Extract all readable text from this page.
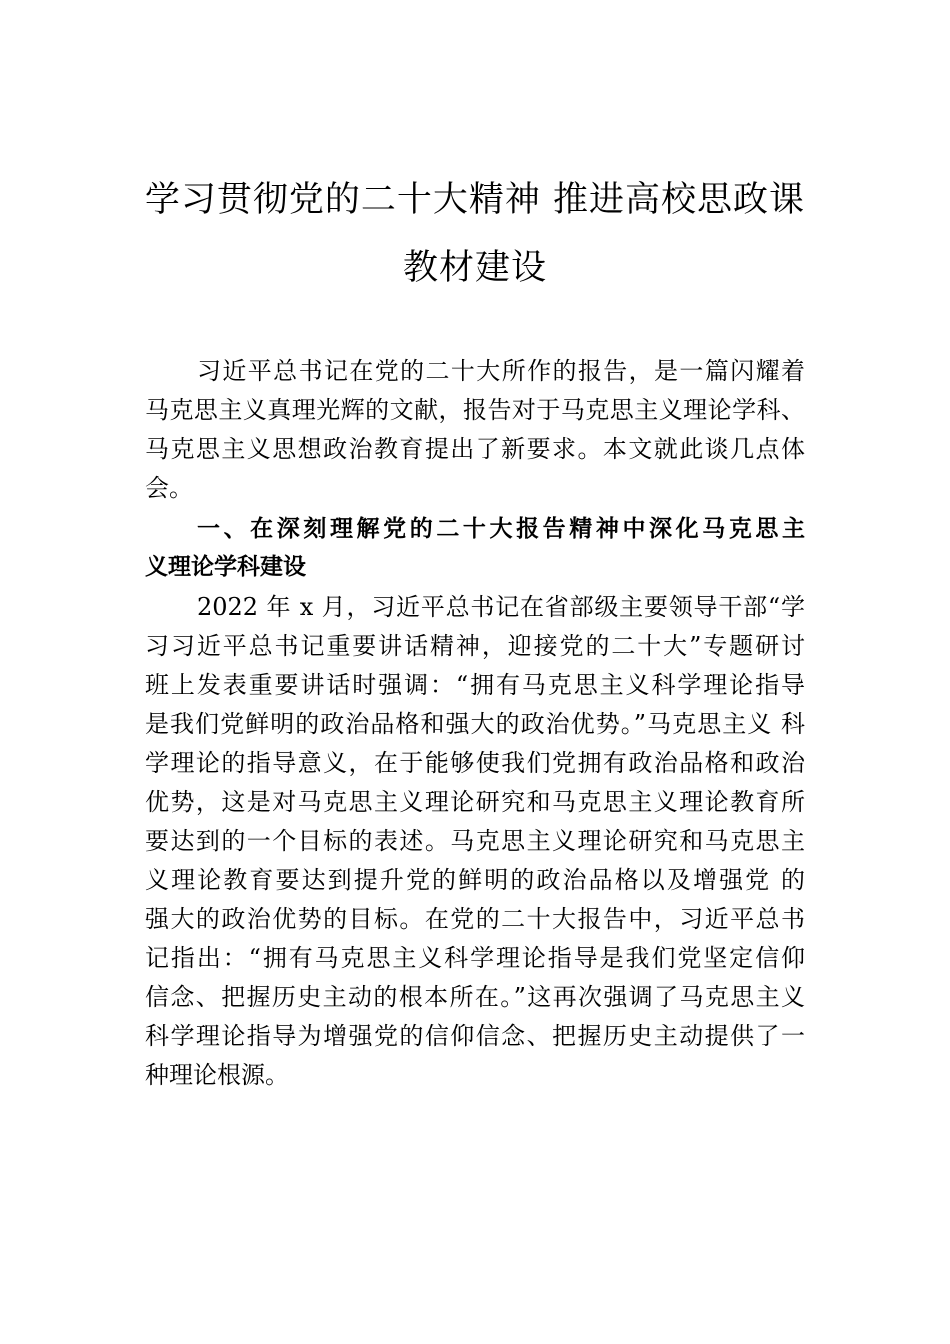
学习贯彻党的二十大精神 推进高校思政课
教材建设

习近平总书记在党的二十大所作的报告，是一篇闪耀着

马克思主义真理光辉的文献，报告对于马克思主义理论学科、

马克思主义思想政治教育提出了新要求。本文就此谈几点体

会。

一、在深刻理解党的二十大报告精神中深化马克思主
义理论学科建设

2022 年 x 月，习近平总书记在省部级主要领导干部“学

习习近平总书记重要讲话精神，迎接党的二十大”专题研讨

班上发表重要讲话时强调：“拥有马克思主义科学理论指导

是我们党鲜明的政治品格和强大的政治优势。”马克思主义 科

学理论的指导意义，在于能够使我们党拥有政治品格和政治

优势，这是对马克思主义理论研究和马克思主义理论教育所

要达到的一个目标的表述。马克思主义理论研究和马克思主

义理论教育要达到提升党的鲜明的政治品格以及增强党 的

强大的政治优势的目标。在党的二十大报告中，习近平总书

记指出：“拥有马克思主义科学理论指导是我们党坚定信仰

信念、把握历史主动的根本所在。”这再次强调了马克思主义

科学理论指导为增强党的信仰信念、把握历史主动提供了一

种理论根源。
